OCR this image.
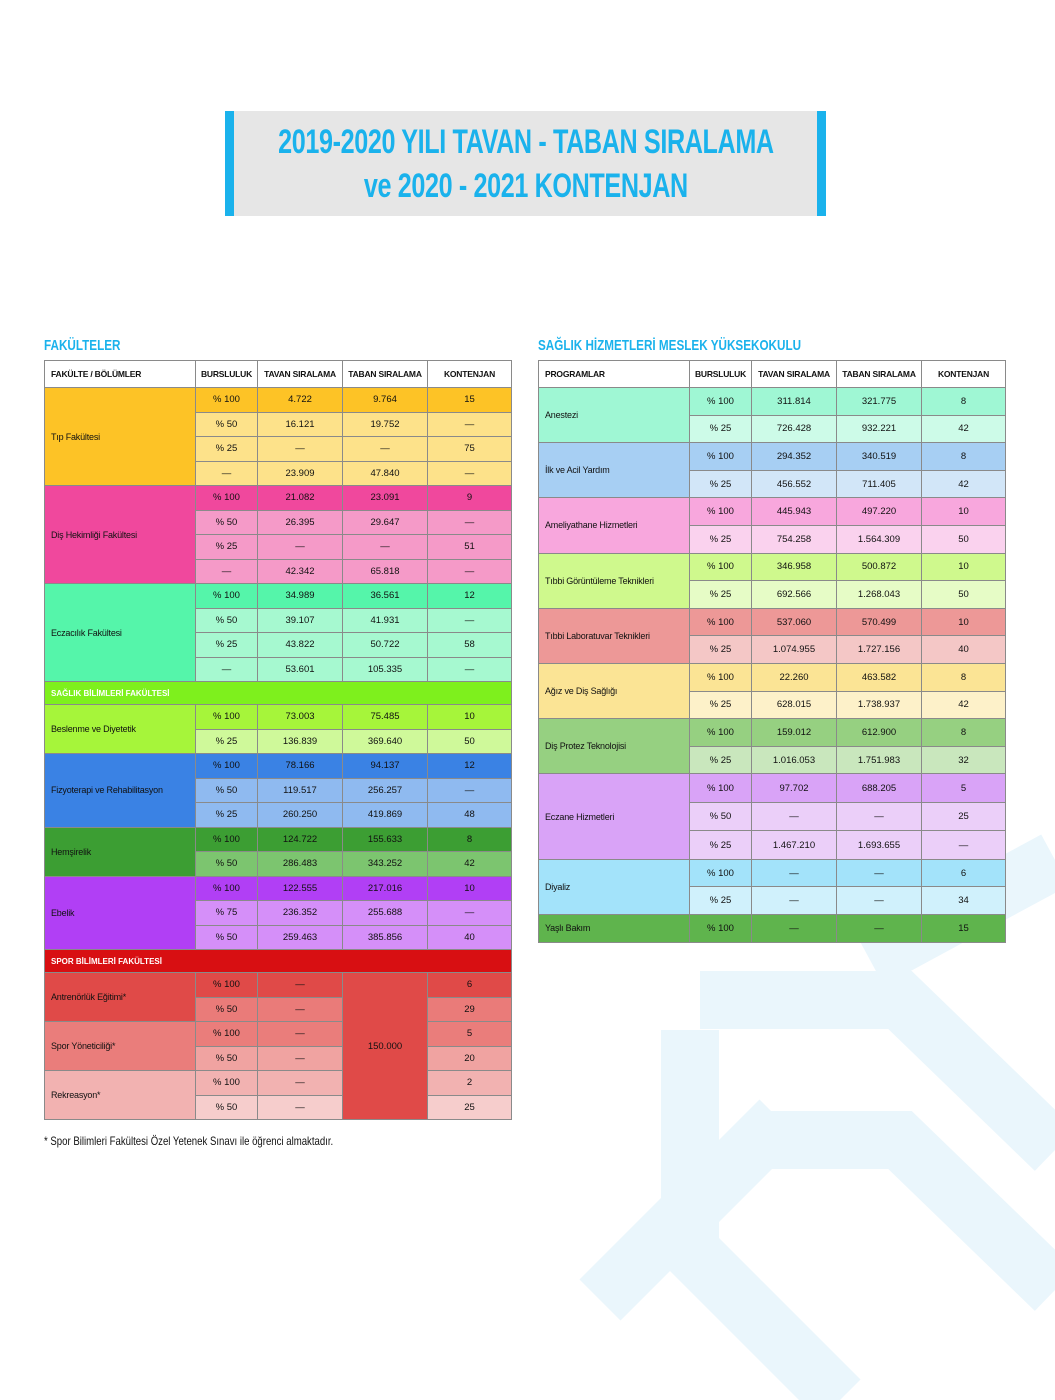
2019-2020 YILI TAVAN - TABAN SIRALAMA
ve 2020 - 2021 KONTENJAN
FAKÜLTELER	SAĞLIK HİZMETLERİ MESLEK YÜKSEKOKULU
FAKÜLTE / BÖLÜMLER	BURSLULUK	TAVAN SIRALAMA	TABAN SIRALAMA	KONTENJAN
Tıp Fakültesi	% 100	4.722	9.764	15
	% 50	16.121	19.752	—
	% 25	—	—	75
	—	23.909	47.840	—
Diş Hekimliği Fakültesi	% 100	21.082	23.091	9
	% 50	26.395	29.647	—
	% 25	—	—	51
	—	42.342	65.818	—
Eczacılık Fakültesi	% 100	34.989	36.561	12
	% 50	39.107	41.931	—
	% 25	43.822	50.722	58
	—	53.601	105.335	—
SAĞLIK BİLİMLERİ FAKÜLTESİ				
Beslenme ve Diyetetik	% 100	73.003	75.485	10
	% 25	136.839	369.640	50
Fizyoterapi ve Rehabilitasyon	% 100	78.166	94.137	12
	% 50	119.517	256.257	—
	% 25	260.250	419.869	48
Hemşirelik	% 100	124.722	155.633	8
	% 50	286.483	343.252	42
Ebelik	% 100	122.555	217.016	10
	% 75	236.352	255.688	—
	% 50	259.463	385.856	40
SPOR BİLİMLERİ FAKÜLTESİ				
Antrenörlük Eğitimi*	% 100	—	150.000	6
	% 50	—		29
Spor Yöneticiliği*	% 100	—		5
	% 50	—		20
Rekreasyon*	% 100	—		2
	% 50	—		25
PROGRAMLAR	BURSLULUK	TAVAN SIRALAMA	TABAN SIRALAMA	KONTENJAN
Anestezi	% 100	311.814	321.775	8
	% 25	726.428	932.221	42
İlk ve Acil Yardım	% 100	294.352	340.519	8
	% 25	456.552	711.405	42
Ameliyathane Hizmetleri	% 100	445.943	497.220	10
	% 25	754.258	1.564.309	50
Tıbbi Görüntüleme Teknikleri	% 100	346.958	500.872	10
	% 25	692.566	1.268.043	50
Tıbbi Laboratuvar Teknikleri	% 100	537.060	570.499	10
	% 25	1.074.955	1.727.156	40
Ağız ve Diş Sağlığı	% 100	22.260	463.582	8
	% 25	628.015	1.738.937	42
Diş Protez Teknolojisi	% 100	159.012	612.900	8
	% 25	1.016.053	1.751.983	32
Eczane Hizmetleri	% 100	97.702	688.205	5
	% 50	—	—	25
	% 25	1.467.210	1.693.655	—
Diyaliz	% 100	—	—	6
	% 25	—	—	34
Yaşlı Bakım	% 100	—	—	15
* Spor Bilimleri Fakültesi Özel Yetenek Sınavı ile öğrenci almaktadır.
